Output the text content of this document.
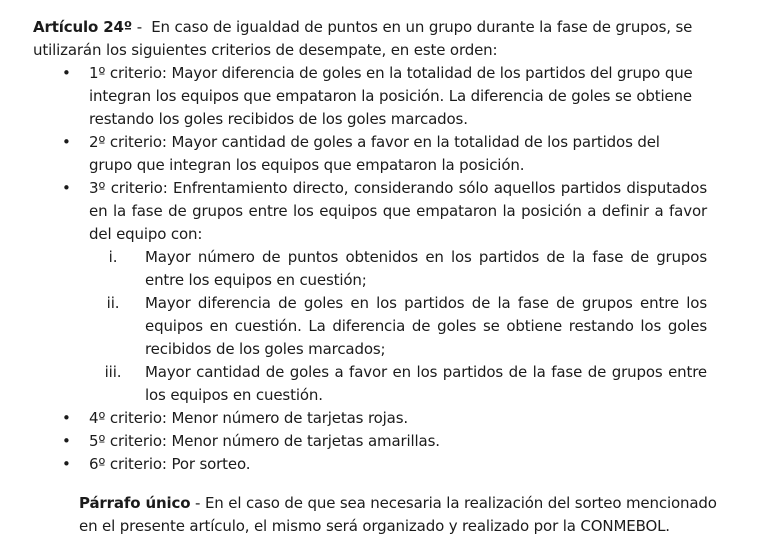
Artículo 24º -  En caso de igualdad de puntos en un grupo durante la fase de grupos, se utilizarán los siguientes criterios de desempate, en este orden:

• 1º criterio: Mayor diferencia de goles en la totalidad de los partidos del grupo que integran los equipos que empataron la posición. La diferencia de goles se obtiene restando los goles recibidos de los goles marcados.
• 2º criterio: Mayor cantidad de goles a favor en la totalidad de los partidos del grupo que integran los equipos que empataron la posición.
• 3º criterio: Enfrentamiento directo, considerando sólo aquellos partidos disputados en la fase de grupos entre los equipos que empataron la posición a definir a favor del equipo con:
i.	Mayor número de puntos obtenidos en los partidos de la fase de grupos entre los equipos en cuestión;
ii.	Mayor diferencia de goles en los partidos de la fase de grupos entre los equipos en cuestión. La diferencia de goles se obtiene restando los goles recibidos de los goles marcados;
iii.	Mayor cantidad de goles a favor en los partidos de la fase de grupos entre los equipos en cuestión.
• 4º criterio: Menor número de tarjetas rojas.
• 5º criterio: Menor número de tarjetas amarillas.
• 6º criterio: Por sorteo.

Párrafo único - En el caso de que sea necesaria la realización del sorteo mencionado en el presente artículo, el mismo será organizado y realizado por la CONMEBOL.
